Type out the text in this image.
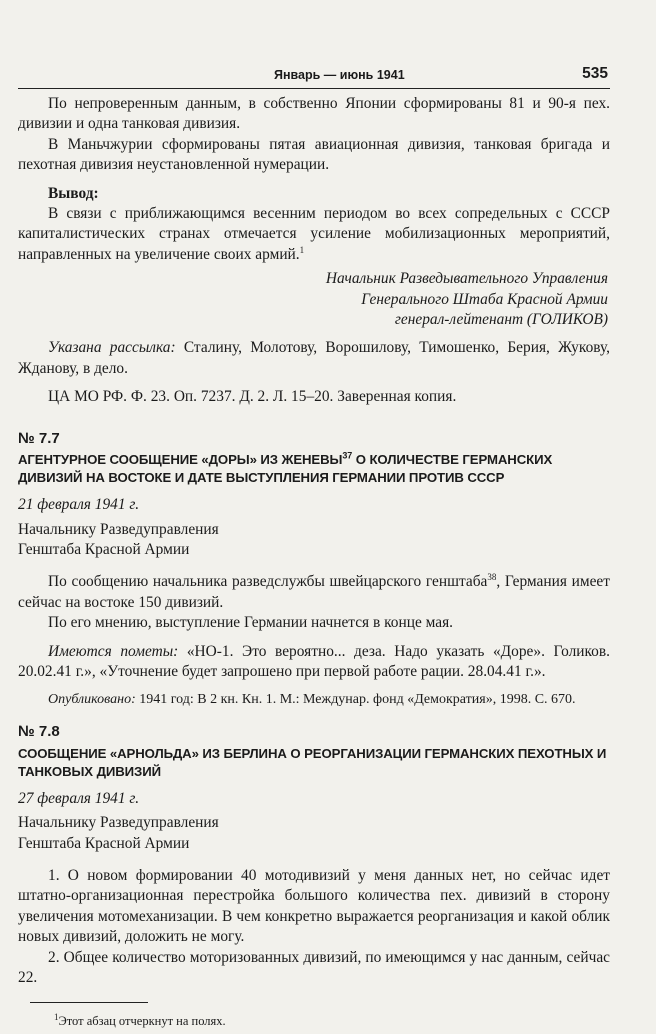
Январь — июнь 1941	535

По непроверенным данным, в собственно Японии сформированы 81 и 90-я пех. дивизии и одна танковая дивизия.

В Маньчжурии сформированы пятая авиационная дивизия, танковая бригада и пехотная дивизия неустановленной нумерации.

Вывод:

В связи с приближающимся весенним периодом во всех сопредельных с СССР капиталистических странах отмечается усиление мобилизационных мероприятий, направленных на увеличение своих армий.$^1$

Начальник Разведывательного Управления

Генерального Штаба Красной Армии

генерал-лейтенант (ГОЛИКОВ)

Указана рассылка: Сталину, Молотову, Ворошилову, Тимошенко, Берия, Жукову, Жданову, в дело.

ЦА МО РФ. Ф. 23. Оп. 7237. Д. 2. Л. 15–20. Заверенная копия.

№ 7.7

АГЕНТУРНОЕ СООБЩЕНИЕ «ДОРЫ» ИЗ ЖЕНЕВЫ$^{37}$ О КОЛИЧЕСТВЕ ГЕРМАНСКИХ ДИВИЗИЙ НА ВОСТОКЕ И ДАТЕ ВЫСТУПЛЕНИЯ ГЕРМАНИИ ПРОТИВ СССР

21 февраля 1941 г.

Начальнику Разведуправления

Генштаба Красной Армии

По сообщению начальника разведслужбы швейцарского генштаба$^{38}$, Германия имеет сейчас на востоке 150 дивизий.

По его мнению, выступление Германии начнется в конце мая.

Имеются пометы: «НО-1. Это вероятно... деза. Надо указать «Доре». Голиков. 20.02.41 г.», «Уточнение будет запрошено при первой работе рации. 28.04.41 г.».

Опубликовано: 1941 год: В 2 кн. Кн. 1. М.: Междунар. фонд «Демократия», 1998. С. 670.

№ 7.8

СООБЩЕНИЕ «АРНОЛЬДА» ИЗ БЕРЛИНА О РЕОРГАНИЗАЦИИ ГЕРМАНСКИХ ПЕХОТНЫХ И ТАНКОВЫХ ДИВИЗИЙ

27 февраля 1941 г.

Начальнику Разведуправления

Генштаба Красной Армии

1. О новом формировании 40 мотодивизий у меня данных нет, но сейчас идет штатно-организационная перестройка большого количества пех. дивизий в сторону увеличения мотомеханизации. В чем конкретно выражается реорганизация и какой облик новых дивизий, доложить не могу.

2. Общее количество моторизованных дивизий, по имеющимся у нас данным, сейчас 22.

$^1$Этот абзац отчеркнут на полях.
